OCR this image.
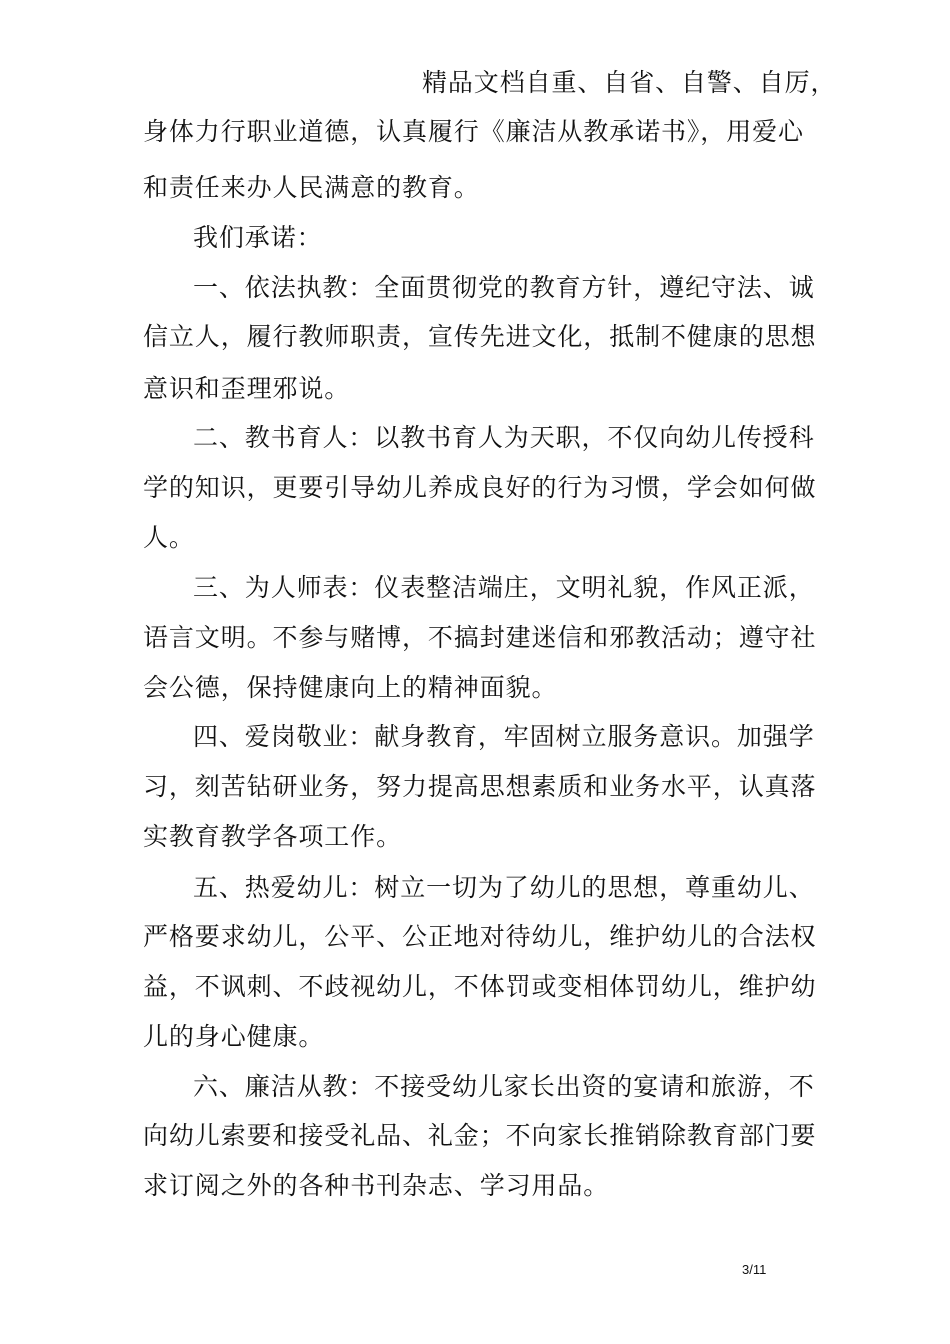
精品文档自重、自省、自警、自厉，
身体力行职业道德，认真履行《廉洁从教承诺书》，用爱心
和责任来办人民满意的教育。
我们承诺：
一、依法执教：全面贯彻党的教育方针，遵纪守法、诚
信立人，履行教师职责，宣传先进文化，抵制不健康的思想
意识和歪理邪说。
二、教书育人：以教书育人为天职，不仅向幼儿传授科
学的知识，更要引导幼儿养成良好的行为习惯，学会如何做
人。
三、为人师表：仪表整洁端庄，文明礼貌，作风正派，
语言文明。不参与赌博，不搞封建迷信和邪教活动；遵守社
会公德，保持健康向上的精神面貌。
四、爱岗敬业：献身教育，牢固树立服务意识。加强学
习，刻苦钻研业务，努力提高思想素质和业务水平，认真落
实教育教学各项工作。
五、热爱幼儿：树立一切为了幼儿的思想，尊重幼儿、
严格要求幼儿，公平、公正地对待幼儿，维护幼儿的合法权
益，不讽刺、不歧视幼儿，不体罚或变相体罚幼儿，维护幼
儿的身心健康。
六、廉洁从教：不接受幼儿家长出资的宴请和旅游，不
向幼儿索要和接受礼品、礼金；不向家长推销除教育部门要
求订阅之外的各种书刊杂志、学习用品。
3/11
